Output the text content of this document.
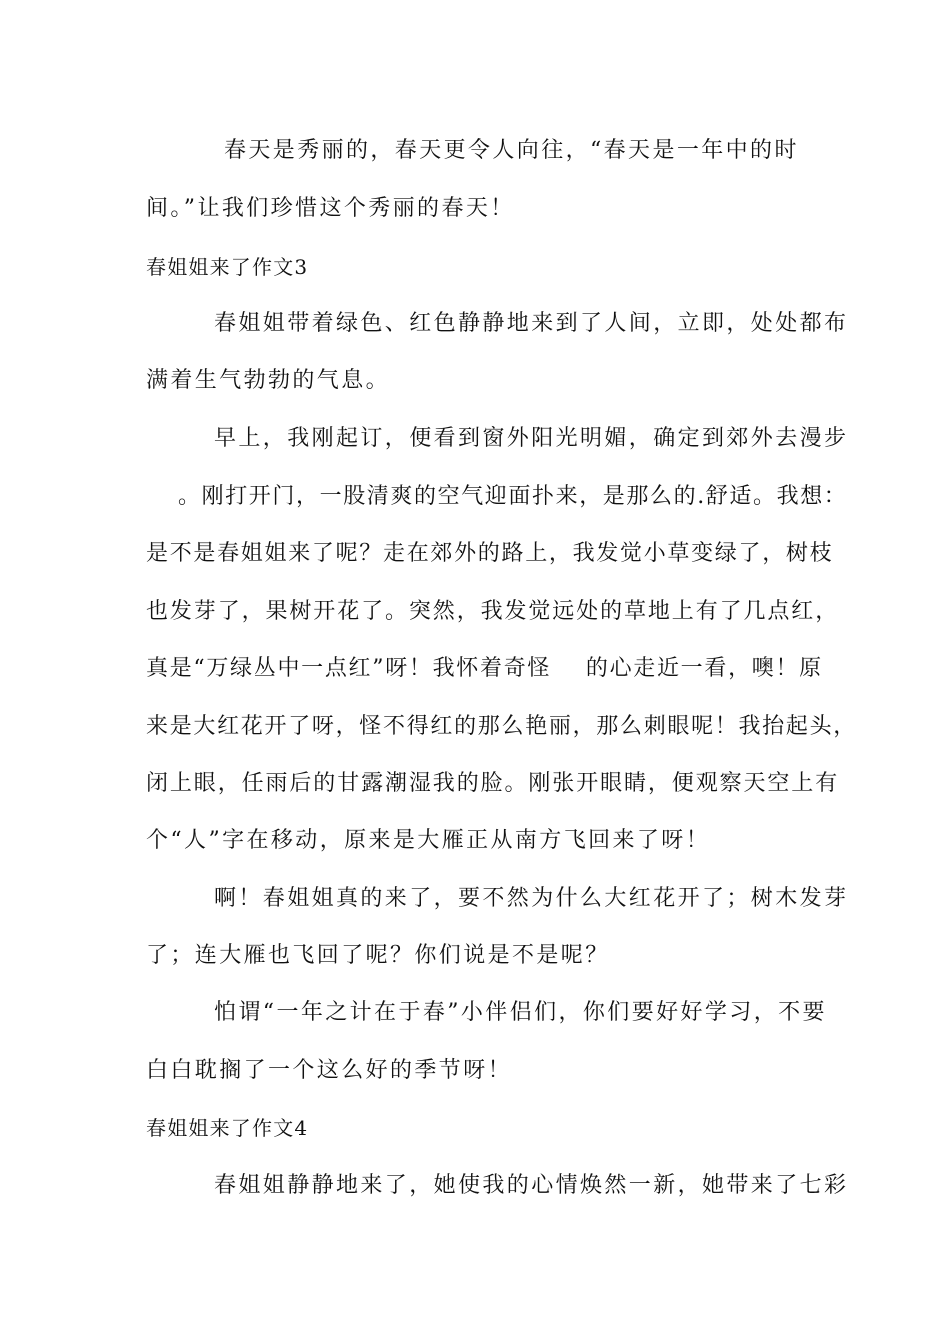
春天是秀丽的，春天更令人向往，“春天是一年中的时
间。”让我们珍惜这个秀丽的春天！
春姐姐来了作文3
春姐姐带着绿色、红色静静地来到了人间，立即，处处都布
满着生气勃勃的气息。
早上，我刚起订，便看到窗外阳光明媚，确定到郊外去漫步
。刚打开门，一股清爽的空气迎面扑来，是那么的.舒适。我想：
是不是春姐姐来了呢？走在郊外的路上，我发觉小草变绿了，树枝
也发芽了，果树开花了。突然，我发觉远处的草地上有了几点红，
真是“万绿丛中一点红”呀！我怀着奇怪    的心走近一看，噢！原
来是大红花开了呀，怪不得红的那么艳丽，那么刺眼呢！我抬起头，
闭上眼，任雨后的甘露潮湿我的脸。刚张开眼睛，便观察天空上有
个“人”字在移动，原来是大雁正从南方飞回来了呀！
啊！春姐姐真的来了，要不然为什么大红花开了；树木发芽
了；连大雁也飞回了呢？你们说是不是呢？
怕谓“一年之计在于春”小伴侣们，你们要好好学习，不要
白白耽搁了一个这么好的季节呀！
春姐姐来了作文4
春姐姐静静地来了，她使我的心情焕然一新，她带来了七彩
